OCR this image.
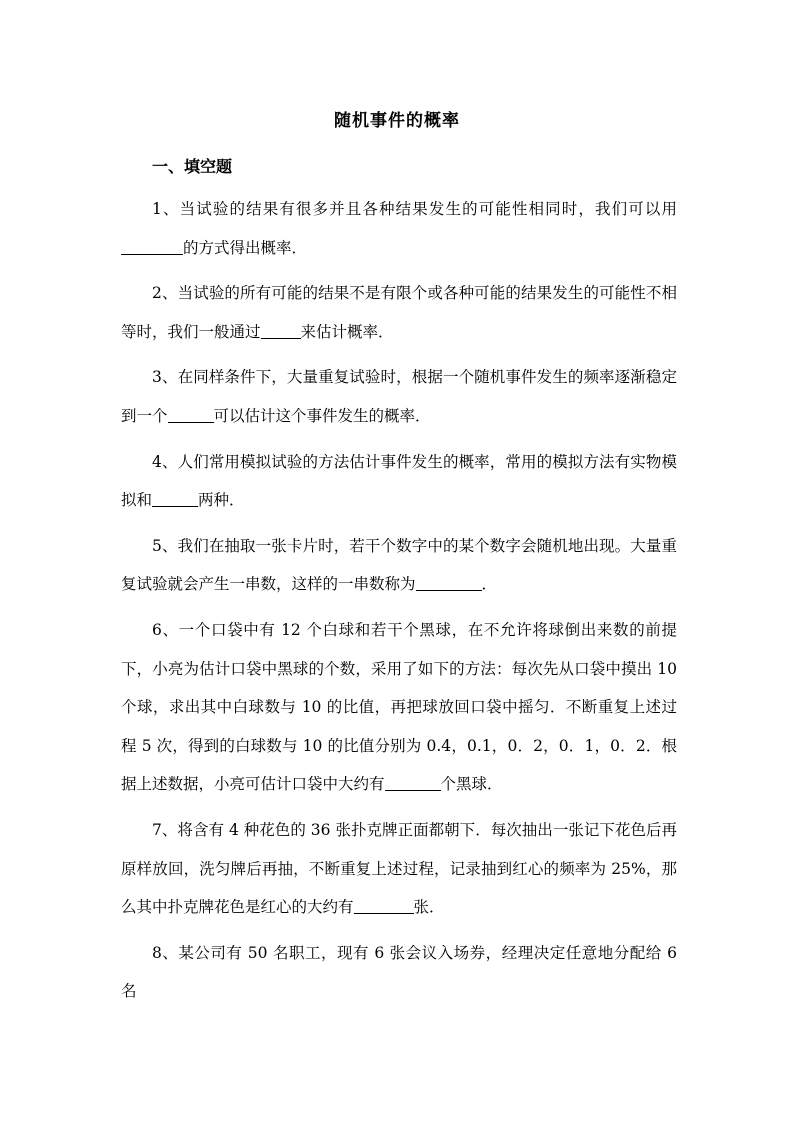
随机事件的概率
一、填空题

1、当试验的结果有很多并且各种结果发生的可能性相同时，我们可以用的方式得出概率．

2、当试验的所有可能的结果不是有限个或各种可能的结果发生的可能性不相等时，我们一般通过	来估计概率．

3、在同样条件下，大量重复试验时，根据一个随机事件发生的频率逐渐稳定到一个	可以估计这个事件发生的概率．

4、人们常用模拟试验的方法估计事件发生的概率，常用的模拟方法有实物模拟和	两种．

5、我们在抽取一张卡片时，若干个数字中的某个数字会随机地出现。大量重复试验就会产生一串数，这样的一串数称为	．

6、一个口袋中有 12 个白球和若干个黑球，在不允许将球倒出来数的前提下，小亮为估计口袋中黑球的个数，采用了如下的方法：每次先从口袋中摸出 10 个球，求出其中白球数与 10 的比值，再把球放回口袋中摇匀．不断重复上述过程 5 次，得到的白球数与 10 的比值分别为 0.4，0.1，0．2，0．1，0．2．根据上述数据，小亮可估计口袋中大约有	个黑球．

7、将含有 4 种花色的 36 张扑克牌正面都朝下．每次抽出一张记下花色后再原样放回，洗匀牌后再抽，不断重复上述过程，记录抽到红心的频率为 25%，那么其中扑克牌花色是红心的大约有	张．

8、某公司有 50 名职工，现有 6 张会议入场券，经理决定任意地分配给 6 名
